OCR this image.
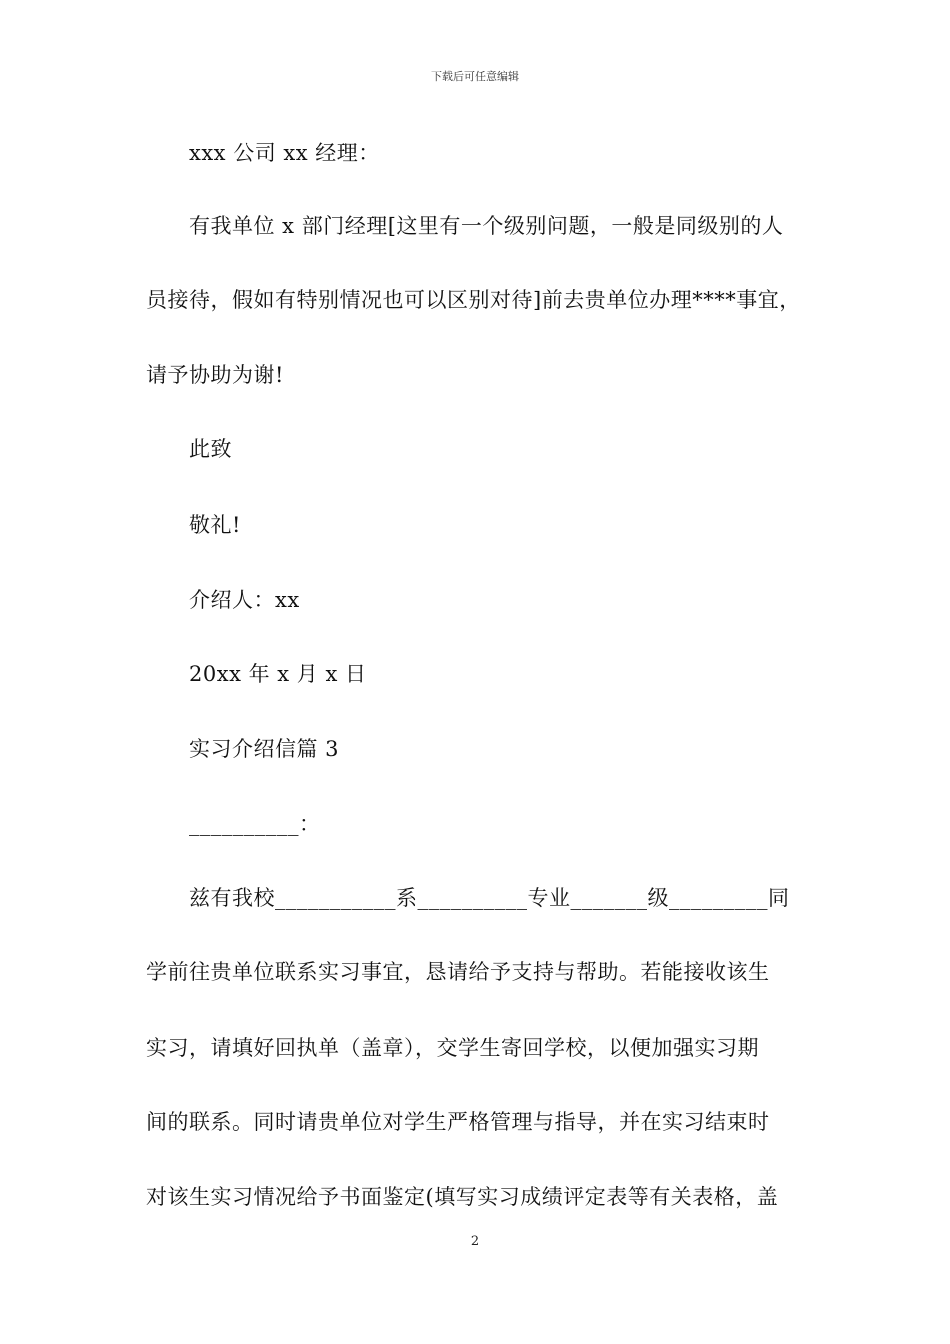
下载后可任意编辑
xxx 公司 xx 经理：
有我单位 x 部门经理[这里有一个级别问题，一般是同级别的人
员接待，假如有特别情况也可以区别对待]前去贵单位办理****事宜，
请予协助为谢!
此致
敬礼!
介绍人：xx
20xx 年 x 月 x 日
实习介绍信篇 3
__________：
兹有我校___________系__________专业_______级_________同
学前往贵单位联系实习事宜，恳请给予支持与帮助。若能接收该生
实习，请填好回执单（盖章），交学生寄回学校，以便加强实习期
间的联系。同时请贵单位对学生严格管理与指导，并在实习结束时
对该生实习情况给予书面鉴定(填写实习成绩评定表等有关表格，盖
2
